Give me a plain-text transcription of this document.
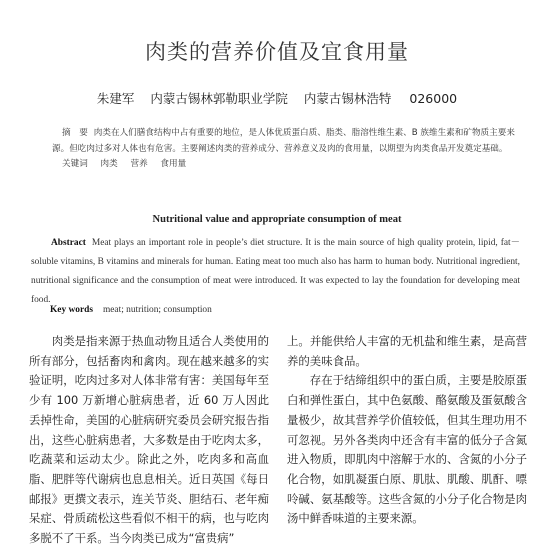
肉类的营养价值及宜食用量
朱建军 内蒙古锡林郭勒职业学院 内蒙古锡林浩特 026000
摘　要 肉类在人们膳食结构中占有重要的地位，是人体优质蛋白质、脂类、脂溶性维生素、B 族维生素和矿物质主要来源。但吃肉过多对人体也有危害。主要阐述肉类的营养成分、营养意义及肉的食用量，以期望为肉类食品开发奠定基础。
关键词 肉类 营养 食用量
Nutritional value and appropriate consumption of meat
Abstract Meat plays an important role in people’s diet structure. It is the main source of high quality protein, lipid, fat－soluble vitamins, B vitamins and minerals for human. Eating meat too much also has harm to human body. Nutritional ingredient, nutritional significance and the consumption of meat were introduced. It was expected to lay the foundation for developing meat food.
Key words meat; nutrition; consumption

肉类是指来源于热血动物且适合人类使用的所有部分，包括畜肉和禽肉。现在越来越多的实验证明，吃肉过多对人体非常有害：美国每年至少有 100 万新增心脏病患者，近 60 万人因此丢掉性命，美国的心脏病研究委员会研究报告指出，这些心脏病患者，大多数是由于吃肉太多，吃蔬菜和运动太少。除此之外，吃肉多和高血脂、肥胖等代谢病也息息相关。近日英国《每日邮报》更撰文表示，连关节炎、胆结石、老年痴呆症、骨质疏松这些看似不相干的病，也与吃肉多脱不了干系。当今肉类已成为“富贵病”

上。并能供给人丰富的无机盐和维生素，是高营养的美味食品。

存在于结缔组织中的蛋白质，主要是胶原蛋白和弹性蛋白，其中色氨酸、酪氨酸及蛋氨酸含量极少，故其营养学价值较低，但其生理功用不可忽视。另外各类肉中还含有丰富的低分子含氮进入物质，即肌肉中溶解于水的、含氮的小分子化合物，如肌凝蛋白原、肌肽、肌酸、肌酐、嘌呤碱、氨基酸等。这些含氮的小分子化合物是肉汤中鲜香味道的主要来源。
